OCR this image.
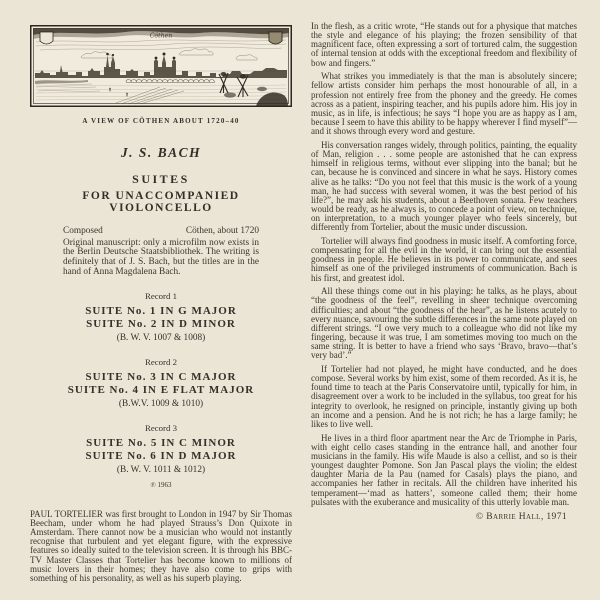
Cöthen
A VIEW OF CÖTHEN ABOUT 1720–40
J. S. BACH
SUITES
FOR UNACCOMPANIED VIOLONCELLO
Composed	Cöthen, about 1720

Original manuscript: only a microfilm now exists in the Berlin Deutsche Staatsbibliothek. The writing is definitely that of J. S. Bach, but the titles are in the hand of Anna Magdalena Bach.

Record 1
SUITE No. 1 IN G MAJOR
SUITE No. 2 IN D MINOR
(B. W. V. 1007 & 1008)
Record 2
SUITE No. 3 IN C MAJOR
SUITE No. 4 IN E FLAT MAJOR
(B.W.V. 1009 & 1010)
Record 3
SUITE No. 5 IN C MINOR
SUITE No. 6 IN D MAJOR
(B. W. V. 1011 & 1012)
℗ 1963

PAUL TORTELIER was first brought to London in 1947 by Sir Thomas Beecham, under whom he had played Strauss’s Don Quixote in Amsterdam. There cannot now be a musician who would not instantly recognise that turbulent and yet elegant figure, with the expressive features so ideally suited to the television screen. It is through his BBC-TV Master Classes that Tortelier has become known to millions of music lovers in their homes; they have also come to grips with something of his personality, as well as his superb playing.

In the flesh, as a critic wrote, “He stands out for a physique that matches the style and elegance of his playing; the frozen sensibility of that magnificent face, often expressing a sort of tortured calm, the suggestion of internal tension at odds with the exceptional freedom and flexibility of bow and fingers.”

What strikes you immediately is that the man is absolutely sincere; fellow artists consider him perhaps the most honourable of all, in a profession not entirely free from the phoney and the greedy. He comes across as a patient, inspiring teacher, and his pupils adore him. His joy in music, as in life, is infectious; he says “I hope you are as happy as I am, because I seem to have this ability to be happy wherever I find myself”—and it shows through every word and gesture.

His conversation ranges widely, through politics, painting, the equality of Man, religion . . . some people are astonished that he can express himself in religious terms, without ever slipping into the banal; but he can, because he is convinced and sincere in what he says. History comes alive as he talks: “Do you not feel that this music is the work of a young man, he had success with several women, it was the best period of his life?”, he may ask his students, about a Beethoven sonata. Few teachers would be ready, as he always is, to concede a point of view, on technique, on interpretation, to a much younger player who feels sincerely, but differently from Tortelier, about the music under discussion.

Tortelier will always find goodness in music itself. A comforting force, compensating for all the evil in the world, it can bring out the essential goodness in people. He believes in its power to communicate, and sees himself as one of the privileged instruments of communication. Bach is his first, and greatest idol.

All these things come out in his playing: he talks, as he plays, about “the goodness of the feel”, revelling in sheer technique overcoming difficulties; and about “the goodness of the hear”, as he listens acutely to every nuance, savouring the subtle differences in the same note played on different strings. “I owe very much to a colleague who did not like my fingering, because it was true, I am sometimes moving too much on the same string. It is better to have a friend who says ‘Bravo, bravo—that’s very bad’.”

If Tortelier had not played, he might have conducted, and he does compose. Several works by him exist, some of them recorded. As it is, he found time to teach at the Paris Conservatoire until, typically for him, in disagreement over a work to be included in the syllabus, too great for his integrity to overlook, he resigned on principle, instantly giving up both an income and a pension. And he is not rich; he has a large family; he likes to live well.

He lives in a third floor apartment near the Arc de Triomphe in Paris, with eight cello cases standing in the entrance hall, and another four musicians in the family. His wife Maude is also a cellist, and so is their youngest daughter Pomone. Son Jan Pascal plays the violin; the eldest daughter Maria de la Pau (named for Casals) plays the piano, and accompanies her father in recitals. All the children have inherited his temperament—‘mad as hatters’, someone called them; their home pulsates with the exuberance and musicality of this utterly lovable man.

© Barrie Hall, 1971
